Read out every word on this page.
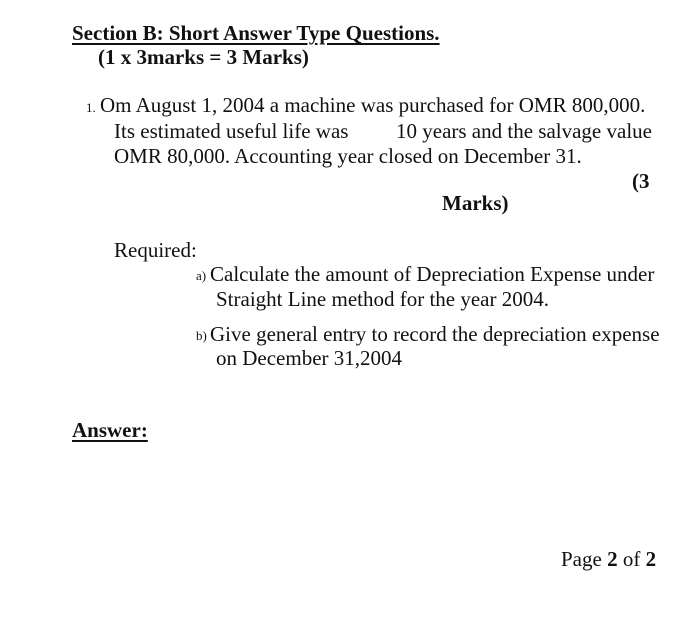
Section B: Short Answer Type Questions.
(1 x 3marks = 3 Marks)
1. Om August 1, 2004 a machine was purchased for OMR 800,000.
Its estimated useful life was 10 years and the salvage value
OMR 80,000. Accounting year closed on December 31.
(3
Marks)
Required:
a) Calculate the amount of Depreciation Expense under
Straight Line method for the year 2004.
b) Give general entry to record the depreciation expense
on December 31,2004
Answer:
Page 2 of 2
